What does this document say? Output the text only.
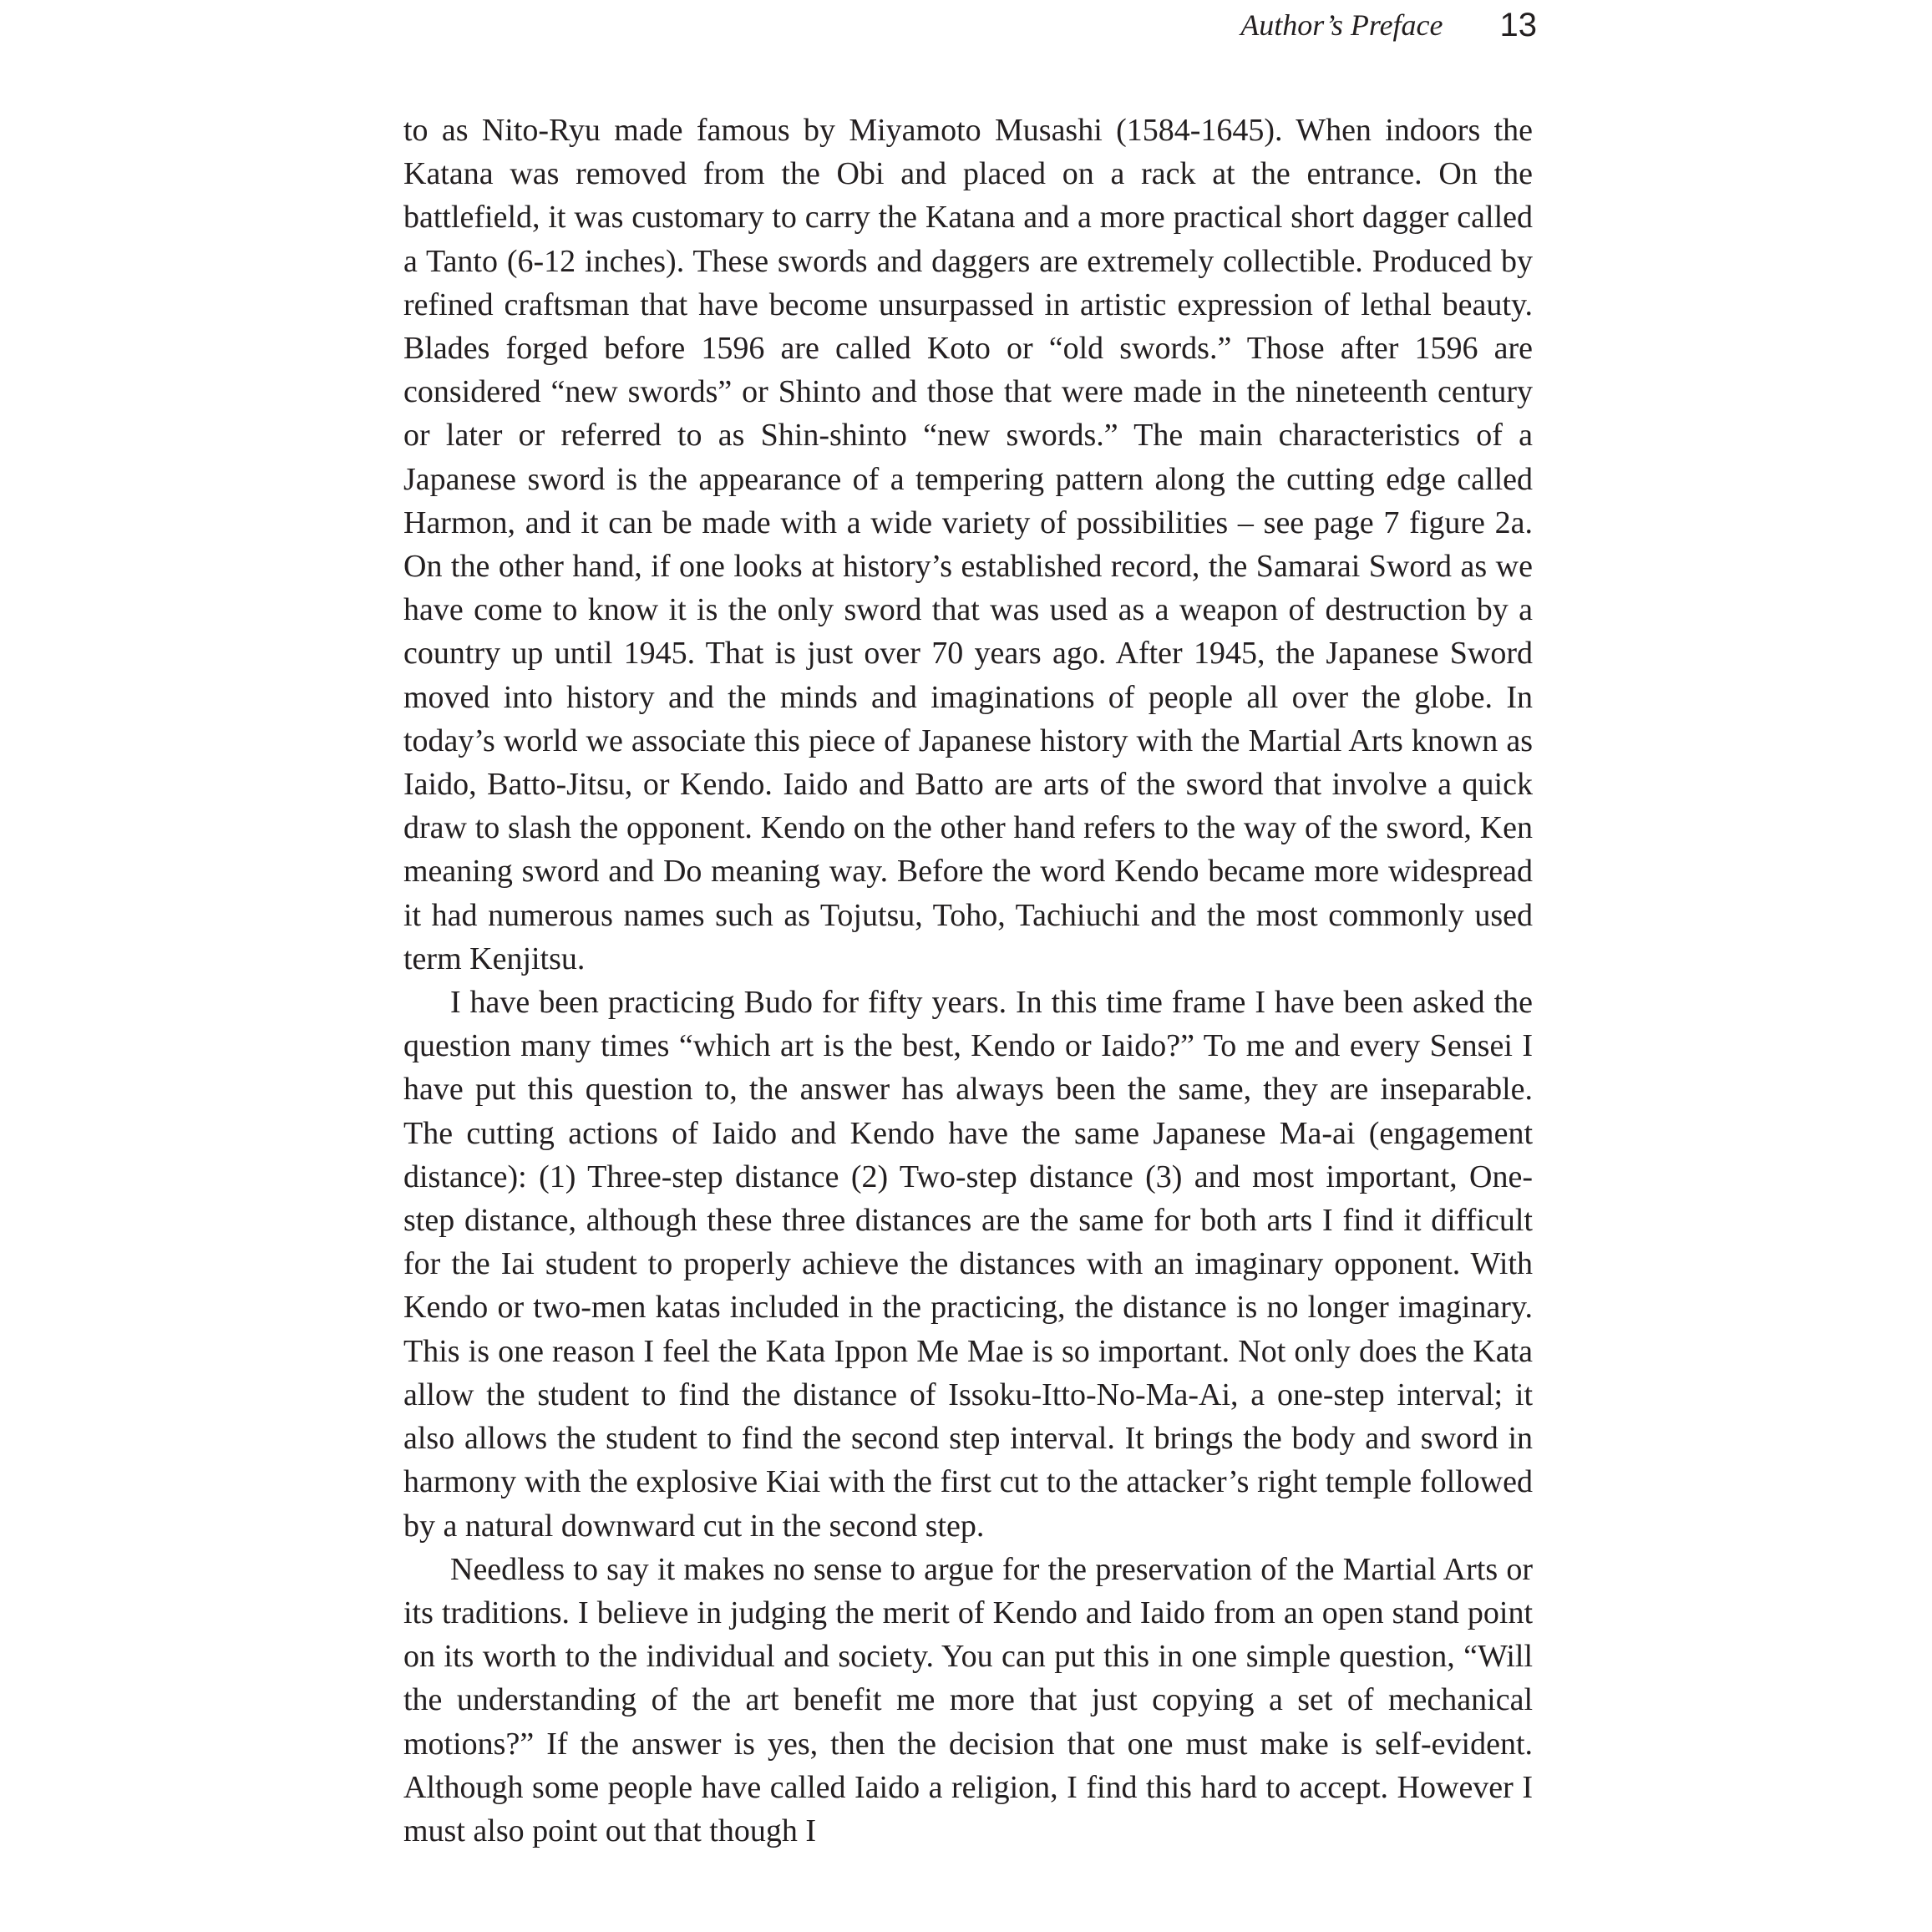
Author’s Preface 13

to as Nito-Ryu made famous by Miyamoto Musashi (1584-1645). When indoors the Katana was removed from the Obi and placed on a rack at the entrance. On the battlefield, it was customary to carry the Katana and a more practical short dagger called a Tanto (6-12 inches). These swords and daggers are extremely collectible. Produced by refined craftsman that have become unsurpassed in artistic expression of lethal beauty. Blades forged before 1596 are called Koto or “old swords.” Those after 1596 are considered “new swords” or Shinto and those that were made in the nineteenth century or later or referred to as Shin-shinto “new swords.” The main characteristics of a Japanese sword is the appearance of a tempering pattern along the cutting edge called Harmon, and it can be made with a wide variety of possibilities – see page 7 figure 2a. On the other hand, if one looks at history’s established record, the Samarai Sword as we have come to know it is the only sword that was used as a weapon of destruction by a country up until 1945. That is just over 70 years ago. After 1945, the Japanese Sword moved into history and the minds and imaginations of people all over the globe. In today’s world we associate this piece of Japanese history with the Martial Arts known as Iaido, Batto-Jitsu, or Kendo. Iaido and Batto are arts of the sword that involve a quick draw to slash the opponent. Kendo on the other hand refers to the way of the sword, Ken meaning sword and Do meaning way. Before the word Kendo became more widespread it had numerous names such as Tojutsu, Toho, Tachiuchi and the most commonly used term Kenjitsu.

I have been practicing Budo for fifty years. In this time frame I have been asked the question many times “which art is the best, Kendo or Iaido?” To me and every Sensei I have put this question to, the answer has always been the same, they are inseparable. The cutting actions of Iaido and Kendo have the same Japanese Ma-ai (engagement distance): (1) Three-step distance (2) Two-step distance (3) and most important, One-step distance, although these three distances are the same for both arts I find it difficult for the Iai student to properly achieve the distances with an imaginary opponent. With Kendo or two-men katas included in the practicing, the distance is no longer imaginary. This is one reason I feel the Kata Ippon Me Mae is so important. Not only does the Kata allow the student to find the distance of Issoku-Itto-No-Ma-Ai, a one-step interval; it also allows the student to find the second step interval. It brings the body and sword in harmony with the explosive Kiai with the first cut to the attacker’s right temple followed by a natural downward cut in the second step.

Needless to say it makes no sense to argue for the preservation of the Martial Arts or its traditions. I believe in judging the merit of Kendo and Iaido from an open stand point on its worth to the individual and society. You can put this in one simple question, “Will the understanding of the art benefit me more that just copying a set of mechanical motions?” If the answer is yes, then the decision that one must make is self-evident. Although some people have called Iaido a religion, I find this hard to accept. However I must also point out that though I
